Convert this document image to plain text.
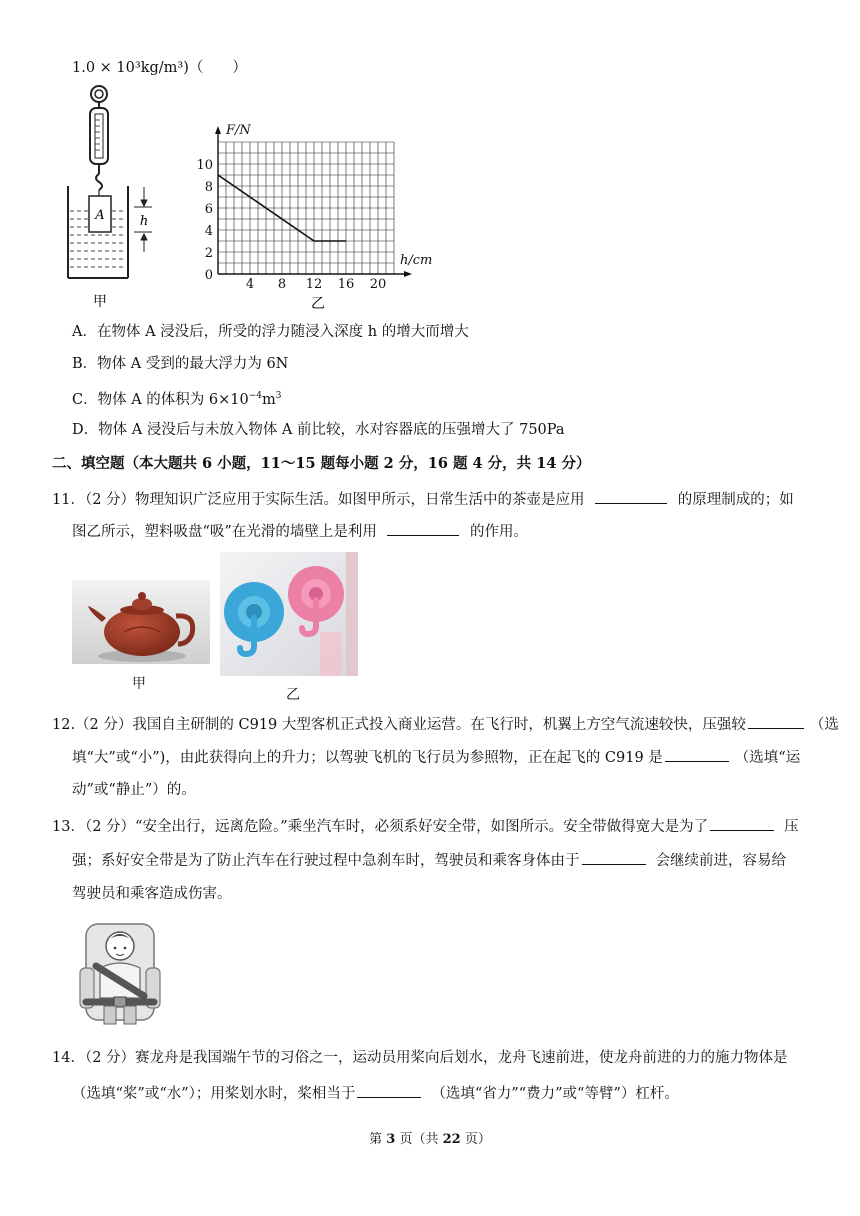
1.0 × 10³kg/m³)（　　）
A	h
甲
4 8 12 16 20
0
2
4
6
8
10
F/N
h/cm
乙
A．在物体 A 浸没后，所受的浮力随浸入深度 h 的增大而增大
B．物体 A 受到的最大浮力为 6N
C．物体 A 的体积为 $6\times 10^{-4}m^3$
D．物体 A 浸没后与未放入物体 A 前比较，水对容器底的压强增大了 750Pa
二、填空题（本大题共 6 小题，11～15 题每小题 2 分，16 题 4 分，共 14 分）
11．（2 分）物理知识广泛应用于实际生活。如图甲所示，日常生活中的茶壶是应用	的原理制成的；如
图乙所示，塑料吸盘“吸”在光滑的墙壁上是利用	的作用。
甲
乙
12.（2 分）我国自主研制的 C919 大型客机正式投入商业运营。在飞行时，机翼上方空气流速较快，压强较	（选
填“大”或“小”)，由此获得向上的升力；以驾驶飞机的飞行员为参照物，正在起飞的 C919 是	（选填“运
动”或“静止”）的。
13．（2 分）“安全出行，远离危险。”乘坐汽车时，必须系好安全带，如图所示。安全带做得宽大是为了	压
强；系好安全带是为了防止汽车在行驶过程中急刹车时，驾驶员和乘客身体由于	会继续前进，容易给
驾驶员和乘客造成伤害。
14．（2 分）赛龙舟是我国端午节的习俗之一，运动员用桨向后划水，龙舟飞速前进，使龙舟前进的力的施力物体是
（选填“桨”或“水”）；用桨划水时，桨相当于	（选填“省力”“费力”或“等臂”）杠杆。
第 3 页（共 22 页）
